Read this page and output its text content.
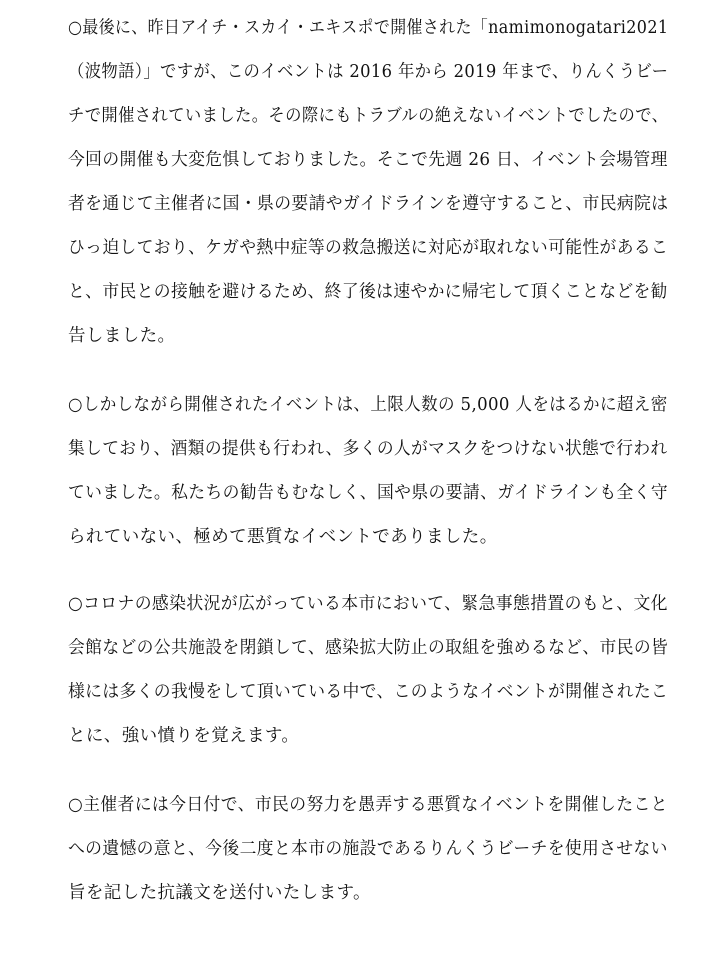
○最後に、昨日アイチ・スカイ・エキスポで開催された「namimonogatari2021
（波物語）」ですが、このイベントは 2016 年から 2019 年まで、りんくうビー
チで開催されていました。その際にもトラブルの絶えないイベントでしたので、
今回の開催も大変危惧しておりました。そこで先週 26 日、イベント会場管理
者を通じて主催者に国・県の要請やガイドラインを遵守すること、市民病院は
ひっ迫しており、ケガや熱中症等の救急搬送に対応が取れない可能性があるこ
と、市民との接触を避けるため、終了後は速やかに帰宅して頂くことなどを勧
告しました。
○しかしながら開催されたイベントは、上限人数の 5,000 人をはるかに超え密
集しており、酒類の提供も行われ、多くの人がマスクをつけない状態で行われ
ていました。私たちの勧告もむなしく、国や県の要請、ガイドラインも全く守
られていない、極めて悪質なイベントでありました。
○コロナの感染状況が広がっている本市において、緊急事態措置のもと、文化
会館などの公共施設を閉鎖して、感染拡大防止の取組を強めるなど、市民の皆
様には多くの我慢をして頂いている中で、このようなイベントが開催されたこ
とに、強い憤りを覚えます。
○主催者には今日付で、市民の努力を愚弄する悪質なイベントを開催したこと
への遺憾の意と、今後二度と本市の施設であるりんくうビーチを使用させない
旨を記した抗議文を送付いたします。
